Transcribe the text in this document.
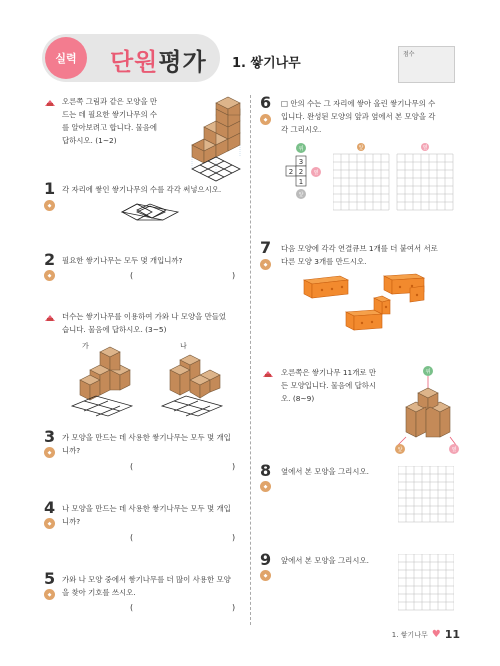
실력	단원평가 1. 쌓기나무
점수
오른쪽 그림과 같은 모양을 만
드는 데 필요한 쌓기나무의 수
를 알아보려고 합니다. 물음에
답하시오. (1~2)
1
◆
각 자리에 쌓인 쌓기나무의 수를 각각 써넣으시오.
2
◆
필요한 쌓기나무는 모두 몇 개입니까?
(	)
더수는 쌓기나무를 이용하여 가와 나 모양을 만들었
습니다. 물음에 답하시오. (3~5)
가	나
3
◆
가 모양을 만드는 데 사용한 쌓기나무는 모두 몇 개입
니까?
(	)
4
◆
나 모양을 만드는 데 사용한 쌓기나무는 모두 몇 개입
니까?
(	)
5
◆
가와 나 모양 중에서 쌓기나무를 더 많이 사용한 모양
을 찾아 기호를 쓰시오.
(	)
6
◆
□ 안의 수는 그 자리에 쌓아 올린 쌓기나무의 수
입니다. 완성된 모양의 앞과 옆에서 본 모양을 각
각 그리시오.
위
3
2 2
1
옆
앞
앞	옆
7
◆
다음 모양에 각각 연결큐브 1개를 더 붙여서 서로
다른 모양 3개를 만드시오.
오른쪽은 쌓기나무 11개로 만
든 모양입니다. 물음에 답하시
오. (8~9)
위
앞	옆
8
◆
옆에서 본 모양을 그리시오.
9
◆
앞에서 본 모양을 그리시오.
1. 쌓기나무 ♥ 11
